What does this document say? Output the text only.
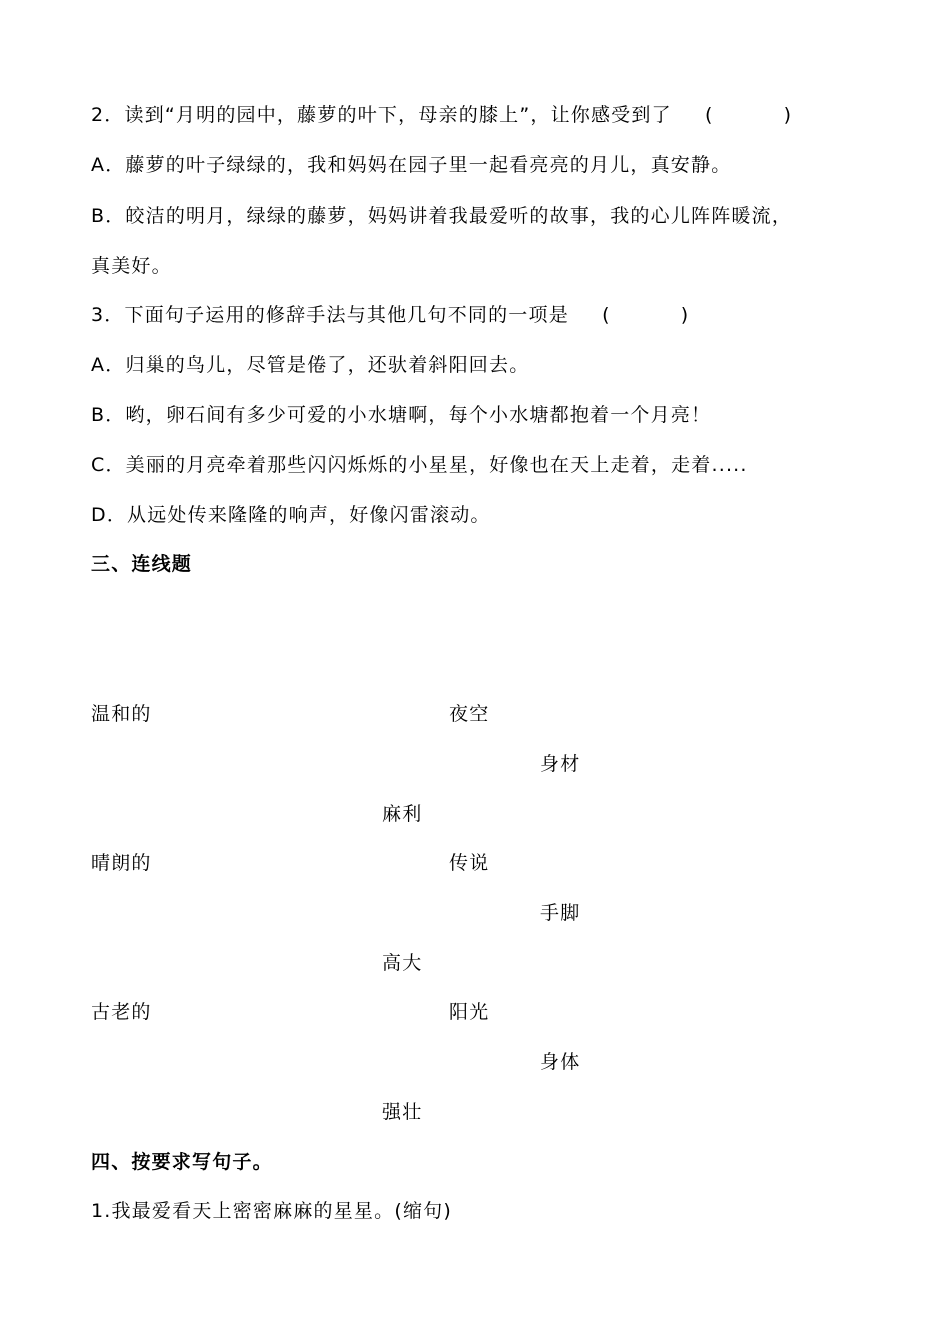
2．读到“月明的园中，藤萝的叶下，母亲的膝上”，让你感受到了 (	)
A．藤萝的叶子绿绿的，我和妈妈在园子里一起看亮亮的月儿，真安静。
B．皎洁的明月，绿绿的藤萝，妈妈讲着我最爱听的故事，我的心儿阵阵暖流，
真美好。
3．下面句子运用的修辞手法与其他几句不同的一项是 (	)
A．归巢的鸟儿，尽管是倦了，还驮着斜阳回去。
B．哟，卵石间有多少可爱的小水塘啊，每个小水塘都抱着一个月亮！
C．美丽的月亮牵着那些闪闪烁烁的小星星，好像也在天上走着，走着.....
D．从远处传来隆隆的响声，好像闪雷滚动。
三、连线题
温和的	夜空
身材
麻利
晴朗的	传说
手脚
高大
古老的	阳光
身体
强壮
四、按要求写句子。
1.我最爱看天上密密麻麻的星星。(缩句)
